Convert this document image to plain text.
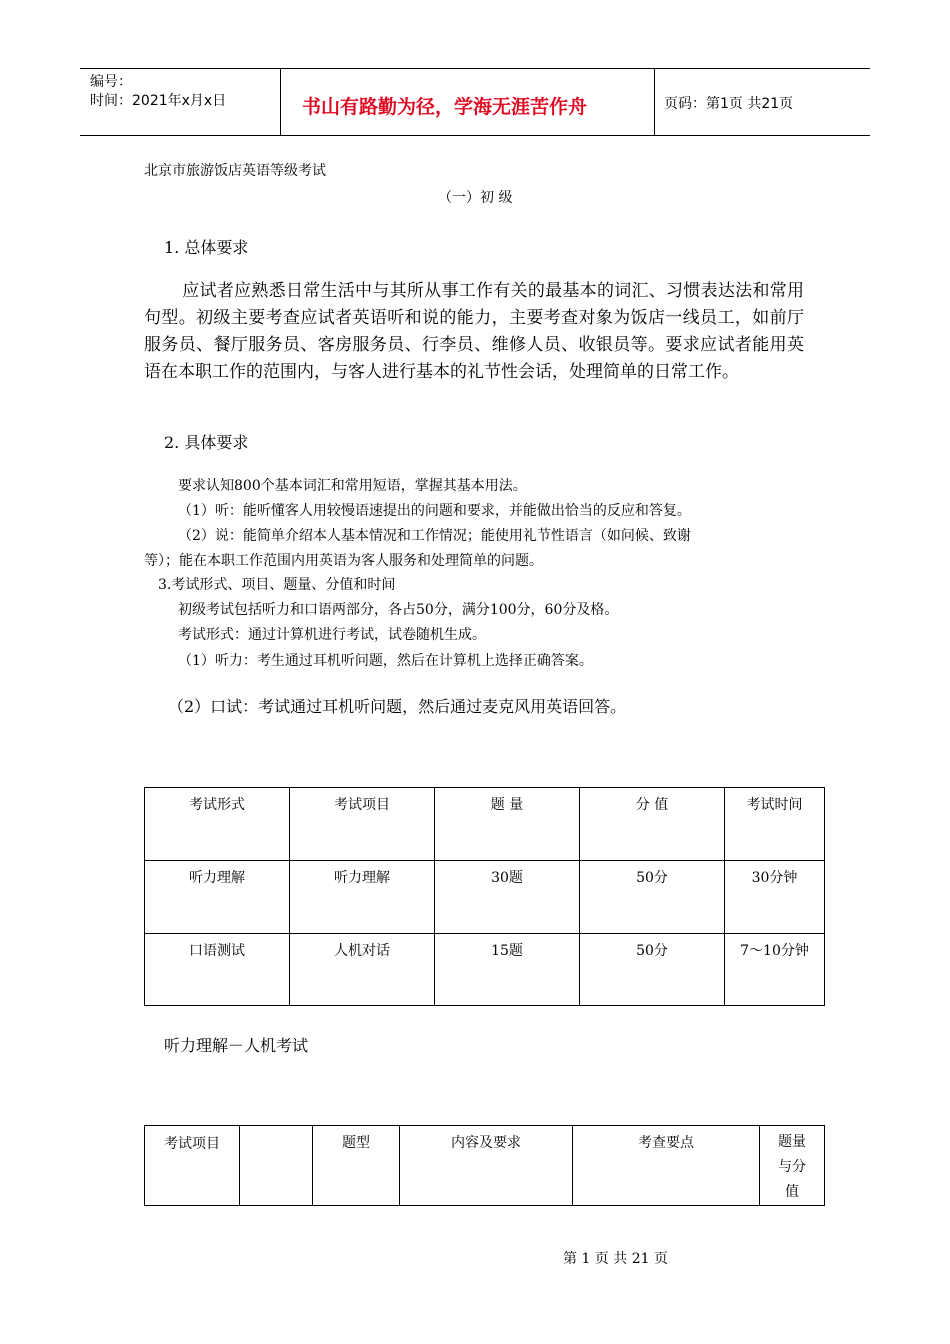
编号：
时间：2021年x月x日	书山有路勤为径，学海无涯苦作舟	页码：第1页 共21页
北京市旅游饭店英语等级考试
（一）初 级
1. 总体要求
应试者应熟悉日常生活中与其所从事工作有关的最基本的词汇、习惯表达法和常用句型。初级主要考查应试者英语听和说的能力，主要考查对象为饭店一线员工，如前厅服务员、餐厅服务员、客房服务员、行李员、维修人员、收银员等。要求应试者能用英语在本职工作的范围内，与客人进行基本的礼节性会话，处理简单的日常工作。
2. 具体要求
要求认知800个基本词汇和常用短语，掌握其基本用法。
（1）听：能听懂客人用较慢语速提出的问题和要求，并能做出恰当的反应和答复。
（2）说：能简单介绍本人基本情况和工作情况；能使用礼节性语言（如问候、致谢
等）；能在本职工作范围内用英语为客人服务和处理简单的问题。
3.考试形式、项目、题量、分值和时间
初级考试包括听力和口语两部分，各占50分，满分100分，60分及格。
考试形式：通过计算机进行考试，试卷随机生成。
（1）听力：考生通过耳机听问题，然后在计算机上选择正确答案。
（2）口试：考试通过耳机听问题，然后通过麦克风用英语回答。
考试形式	考试项目	题 量	分 值	考试时间
听力理解	听力理解	30题	50分	30分钟
口语测试	人机对话	15题	50分	7～10分钟
听力理解－人机考试
考试项目		题型	内容及要求	考查要点	题量与分值
第 1 页 共 21 页
